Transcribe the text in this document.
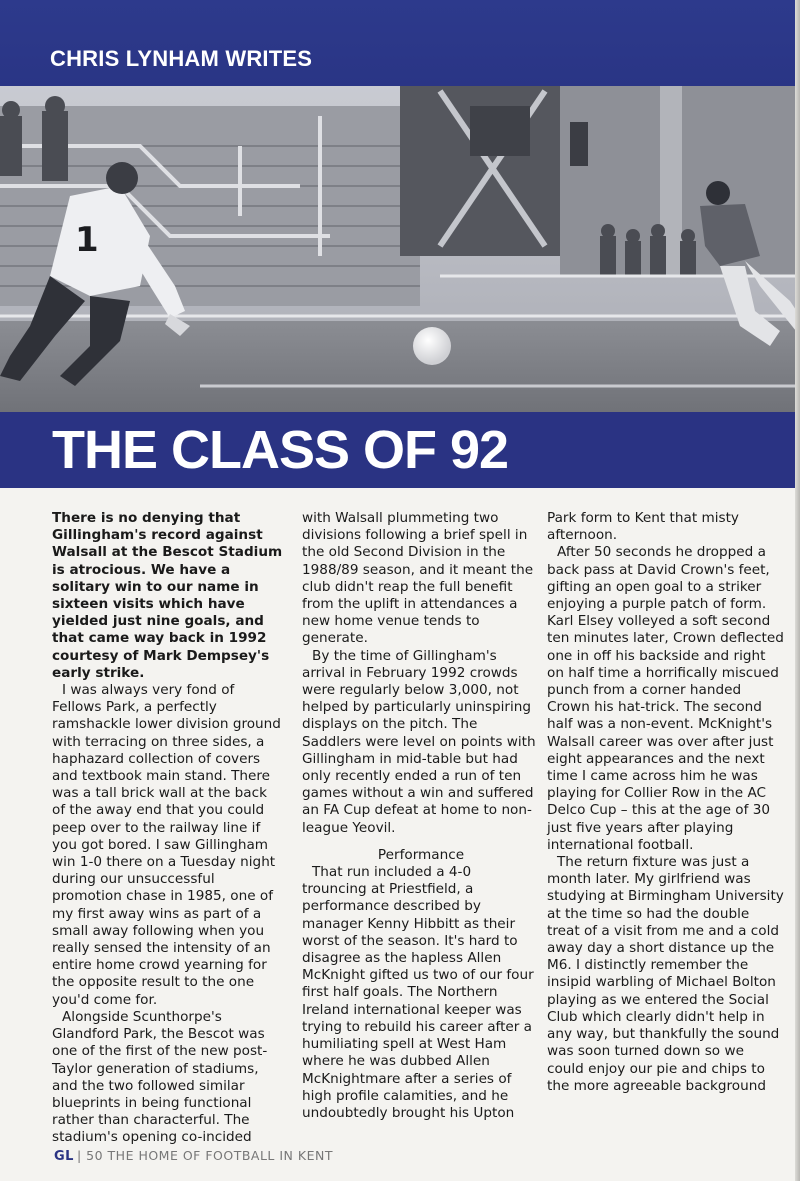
CHRIS LYNHAM WRITES
1
THE CLASS OF 92

There is no denying that Gillingham's record against Walsall at the Bescot Stadium is atrocious. We have a solitary win to our name in sixteen visits which have yielded just nine goals, and that came way back in 1992 courtesy of Mark Dempsey's early strike.

I was always very fond of Fellows Park, a perfectly ramshackle lower division ground with terracing on three sides, a haphazard collection of covers and textbook main stand. There was a tall brick wall at the back of the away end that you could peep over to the railway line if you got bored. I saw Gillingham win 1-0 there on a Tuesday night during our unsuccessful promotion chase in 1985, one of my first away wins as part of a small away following when you really sensed the intensity of an entire home crowd yearning for the opposite result to the one you'd come for.

Alongside Scunthorpe's Glandford Park, the Bescot was one of the first of the new post-Taylor generation of stadiums, and the two followed similar blueprints in being functional rather than characterful. The stadium's opening co-incided

with Walsall plummeting two divisions following a brief spell in the old Second Division in the 1988/89 season, and it meant the club didn't reap the full benefit from the uplift in attendances a new home venue tends to generate.

By the time of Gillingham's arrival in February 1992 crowds were regularly below 3,000, not helped by particularly uninspiring displays on the pitch. The Saddlers were level on points with Gillingham in mid-table but had only recently ended a run of ten games without a win and suffered an FA Cup defeat at home to non-league Yeovil.

Performance

That run included a 4-0 trouncing at Priestfield, a performance described by manager Kenny Hibbitt as their worst of the season. It's hard to disagree as the hapless Allen McKnight gifted us two of our four first half goals. The Northern Ireland international keeper was trying to rebuild his career after a humiliating spell at West Ham where he was dubbed Allen McKnightmare after a series of high profile calamities, and he undoubtedly brought his Upton

Park form to Kent that misty afternoon.

After 50 seconds he dropped a back pass at David Crown's feet, gifting an open goal to a striker enjoying a purple patch of form. Karl Elsey volleyed a soft second ten minutes later, Crown deflected one in off his backside and right on half time a horrifically miscued punch from a corner handed Crown his hat-trick. The second half was a non-event. McKnight's Walsall career was over after just eight appearances and the next time I came across him he was playing for Collier Row in the AC Delco Cup – this at the age of 30 just five years after playing international football.

The return fixture was just a month later. My girlfriend was studying at Birmingham University at the time so had the double treat of a visit from me and a cold away day a short distance up the M6. I distinctly remember the insipid warbling of Michael Bolton playing as we entered the Social Club which clearly didn't help in any way, but thankfully the sound was soon turned down so we could enjoy our pie and chips to the more agreeable background

GL | 50 THE HOME OF FOOTBALL IN KENT
